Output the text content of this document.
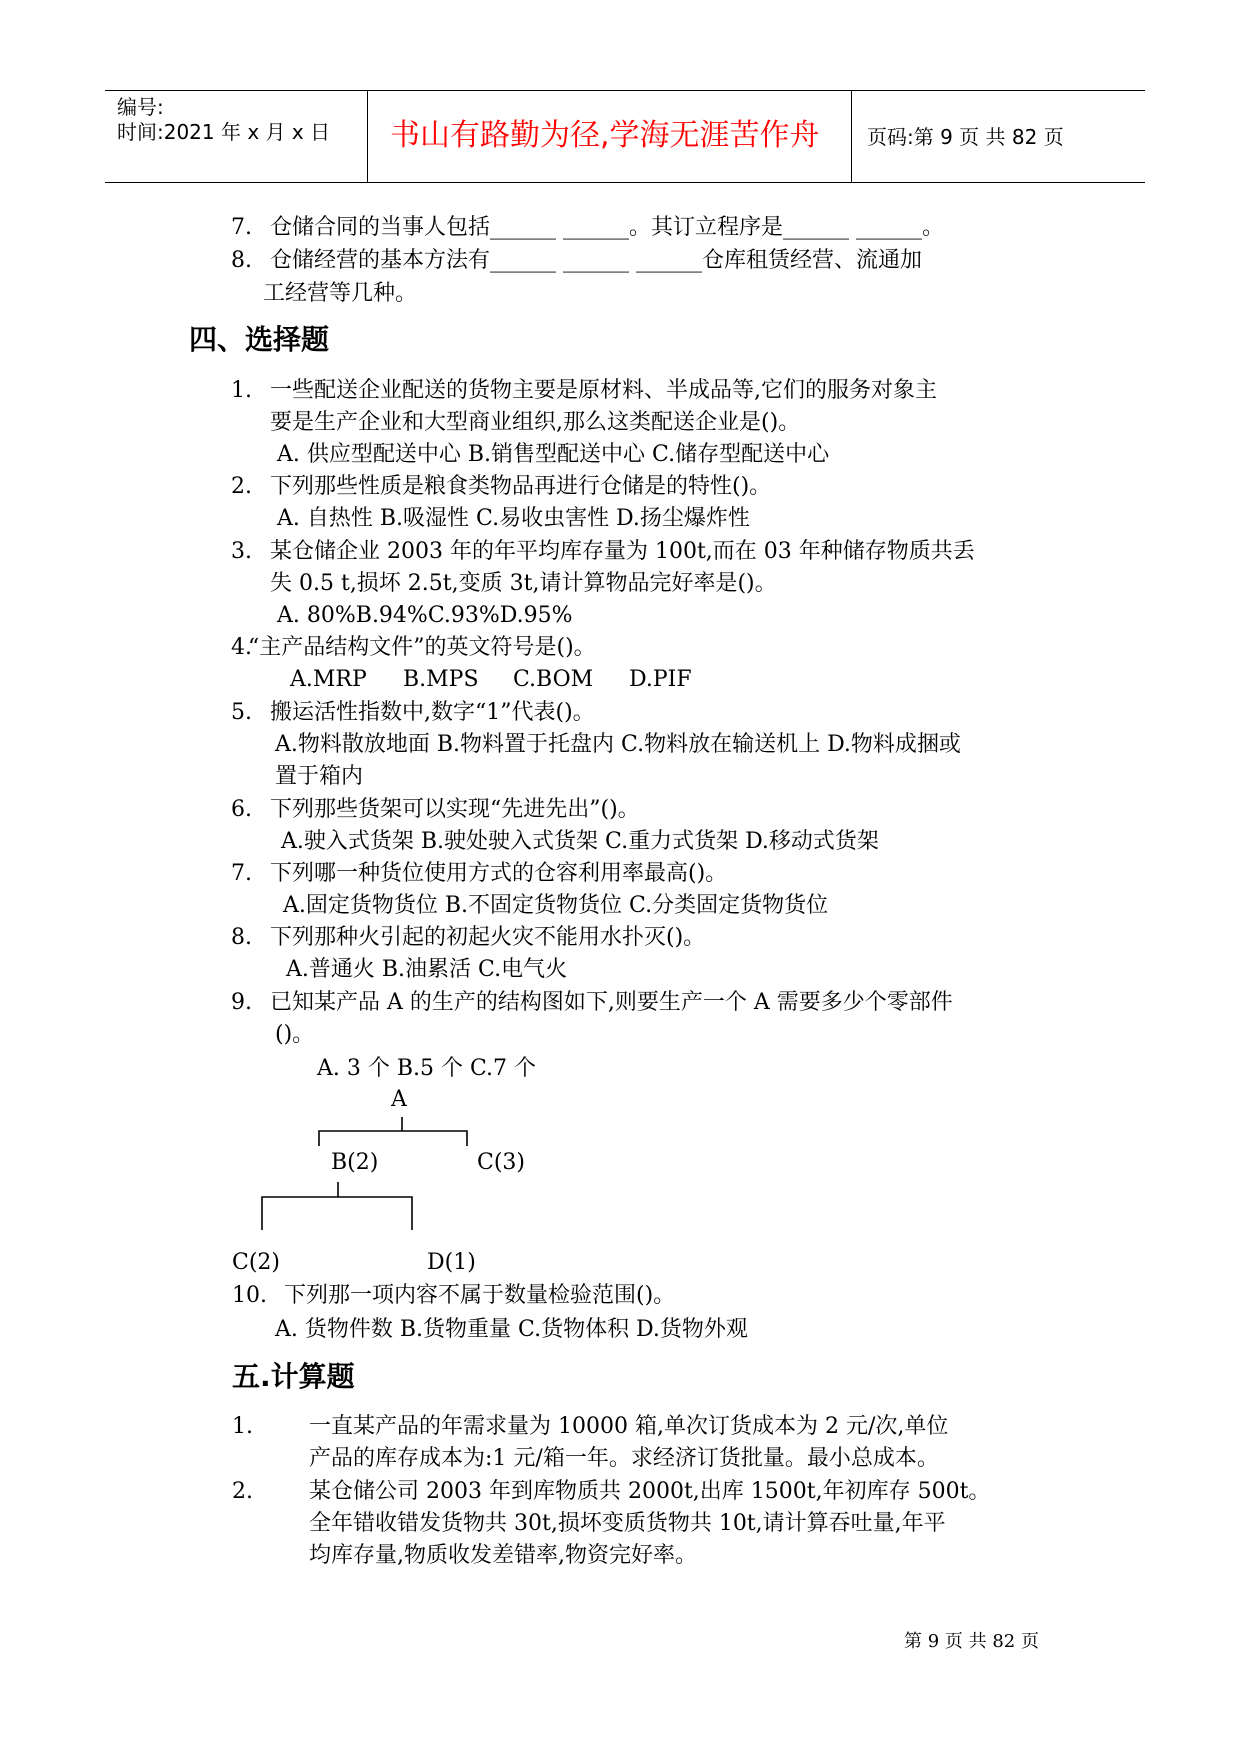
编号:
时间:2021 年 x 月 x 日 书山有路勤为径,学海无涯苦作舟 页码:第 9 页 共 82 页
7. 仓储合同的当事人包括______ ______。其订立程序是______ ______。
8. 仓储经营的基本方法有______ ______ ______仓库租赁经营、流通加
工经营等几种。
四、选择题
1. 一些配送企业配送的货物主要是原材料、半成品等,它们的服务对象主
要是生产企业和大型商业组织,那么这类配送企业是()。
A. 供应型配送中心 B.销售型配送中心 C.储存型配送中心
2. 下列那些性质是粮食类物品再进行仓储是的特性()。
A. 自热性 B.吸湿性 C.易收虫害性 D.扬尘爆炸性
3. 某仓储企业 2003 年的年平均库存量为 100t,而在 03 年种储存物质共丢
失 0.5 t,损坏 2.5t,变质 3t,请计算物品完好率是()。
A. 80%B.94%C.93%D.95%
4.
“主产品结构文件”的英文符号是()。
A.MRP B.MPS C.BOM D.PIF
5. 搬运活性指数中,数字“1”代表()。
A.物料散放地面 B.物料置于托盘内 C.物料放在输送机上 D.物料成捆或
置于箱内
6. 下列那些货架可以实现“先进先出”()。
A.驶入式货架 B.驶处驶入式货架 C.重力式货架 D.移动式货架
7. 下列哪一种货位使用方式的仓容利用率最高()。
A.固定货物货位 B.不固定货物货位 C.分类固定货物货位
8. 下列那种火引起的初起火灾不能用水扑灭()。
A.普通火 B.油累活 C.电气火
9. 已知某产品 A 的生产的结构图如下,则要生产一个 A 需要多少个零部件
()。
A. 3 个 B.5 个 C.7 个
A
B(2)	C(3)
C(2)	D(1)
10. 下列那一项内容不属于数量检验范围()。
A. 货物件数 B.货物重量 C.货物体积 D.货物外观
五.计算题
1.	一直某产品的年需求量为 10000 箱,单次订货成本为 2 元/次,单位
产品的库存成本为:1 元/箱一年。求经济订货批量。最小总成本。
2.	某仓储公司 2003 年到库物质共 2000t,出库 1500t,年初库存 500t。
全年错收错发货物共 30t,损坏变质货物共 10t,请计算吞吐量,年平
均库存量,物质收发差错率,物资完好率。
第 9 页 共 82 页
